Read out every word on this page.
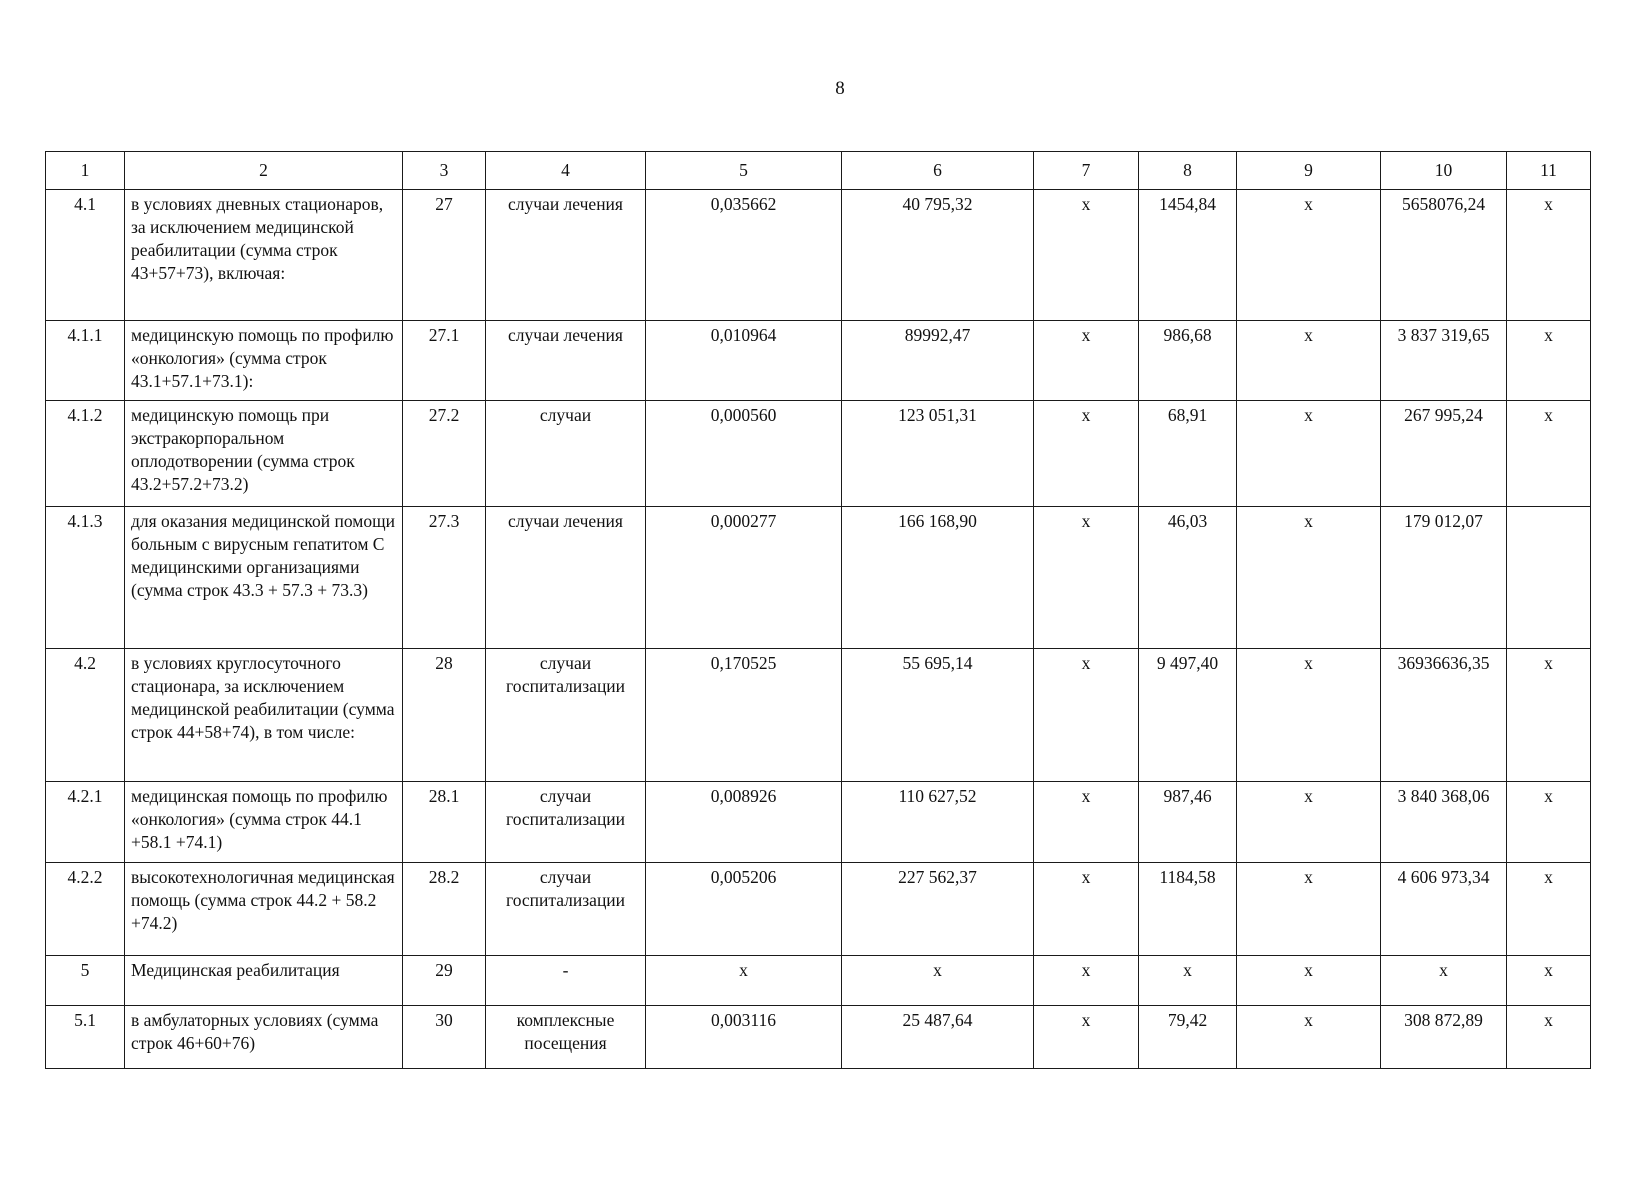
8
1	2	3	4	5	6	7	8	9	10	11
4.1	в условиях дневных стационаров, за исключением медицинской реабилитации (сумма строк 43+57+73), включая:	27	случаи лечения	0,035662	40 795,32	х	1454,84	х	5658076,24	х
4.1.1	медицинскую помощь по профилю «онкология» (сумма строк 43.1+57.1+73.1):	27.1	случаи лечения	0,010964	89992,47	х	986,68	х	3 837 319,65	х
4.1.2	медицинскую помощь при экстракорпоральном оплодотворении (сумма строк 43.2+57.2+73.2)	27.2	случаи	0,000560	123 051,31	х	68,91	х	267 995,24	х
4.1.3	для оказания медицинской помощи больным с вирусным гепатитом С медицинскими организациями (сумма строк 43.3 + 57.3 + 73.3)	27.3	случаи лечения	0,000277	166 168,90	х	46,03	х	179 012,07	
4.2	в условиях круглосуточного стационара, за исключением медицинской реабилитации (сумма строк 44+58+74), в том числе:	28	случаи госпитализации	0,170525	55 695,14	х	9 497,40	х	36936636,35	х
4.2.1	медицинская помощь по профилю «онкология» (сумма строк 44.1 +58.1 +74.1)	28.1	случаи госпитализации	0,008926	110 627,52	х	987,46	х	3 840 368,06	х
4.2.2	высокотехнологичная медицинская помощь (сумма строк 44.2 + 58.2 +74.2)	28.2	случаи госпитализации	0,005206	227 562,37	х	1184,58	х	4 606 973,34	х
5	Медицинская реабилитация	29	-	х	х	х	х	х	х	х
5.1	в амбулаторных условиях (сумма строк 46+60+76)	30	комплексные посещения	0,003116	25 487,64	х	79,42	х	308 872,89	х
